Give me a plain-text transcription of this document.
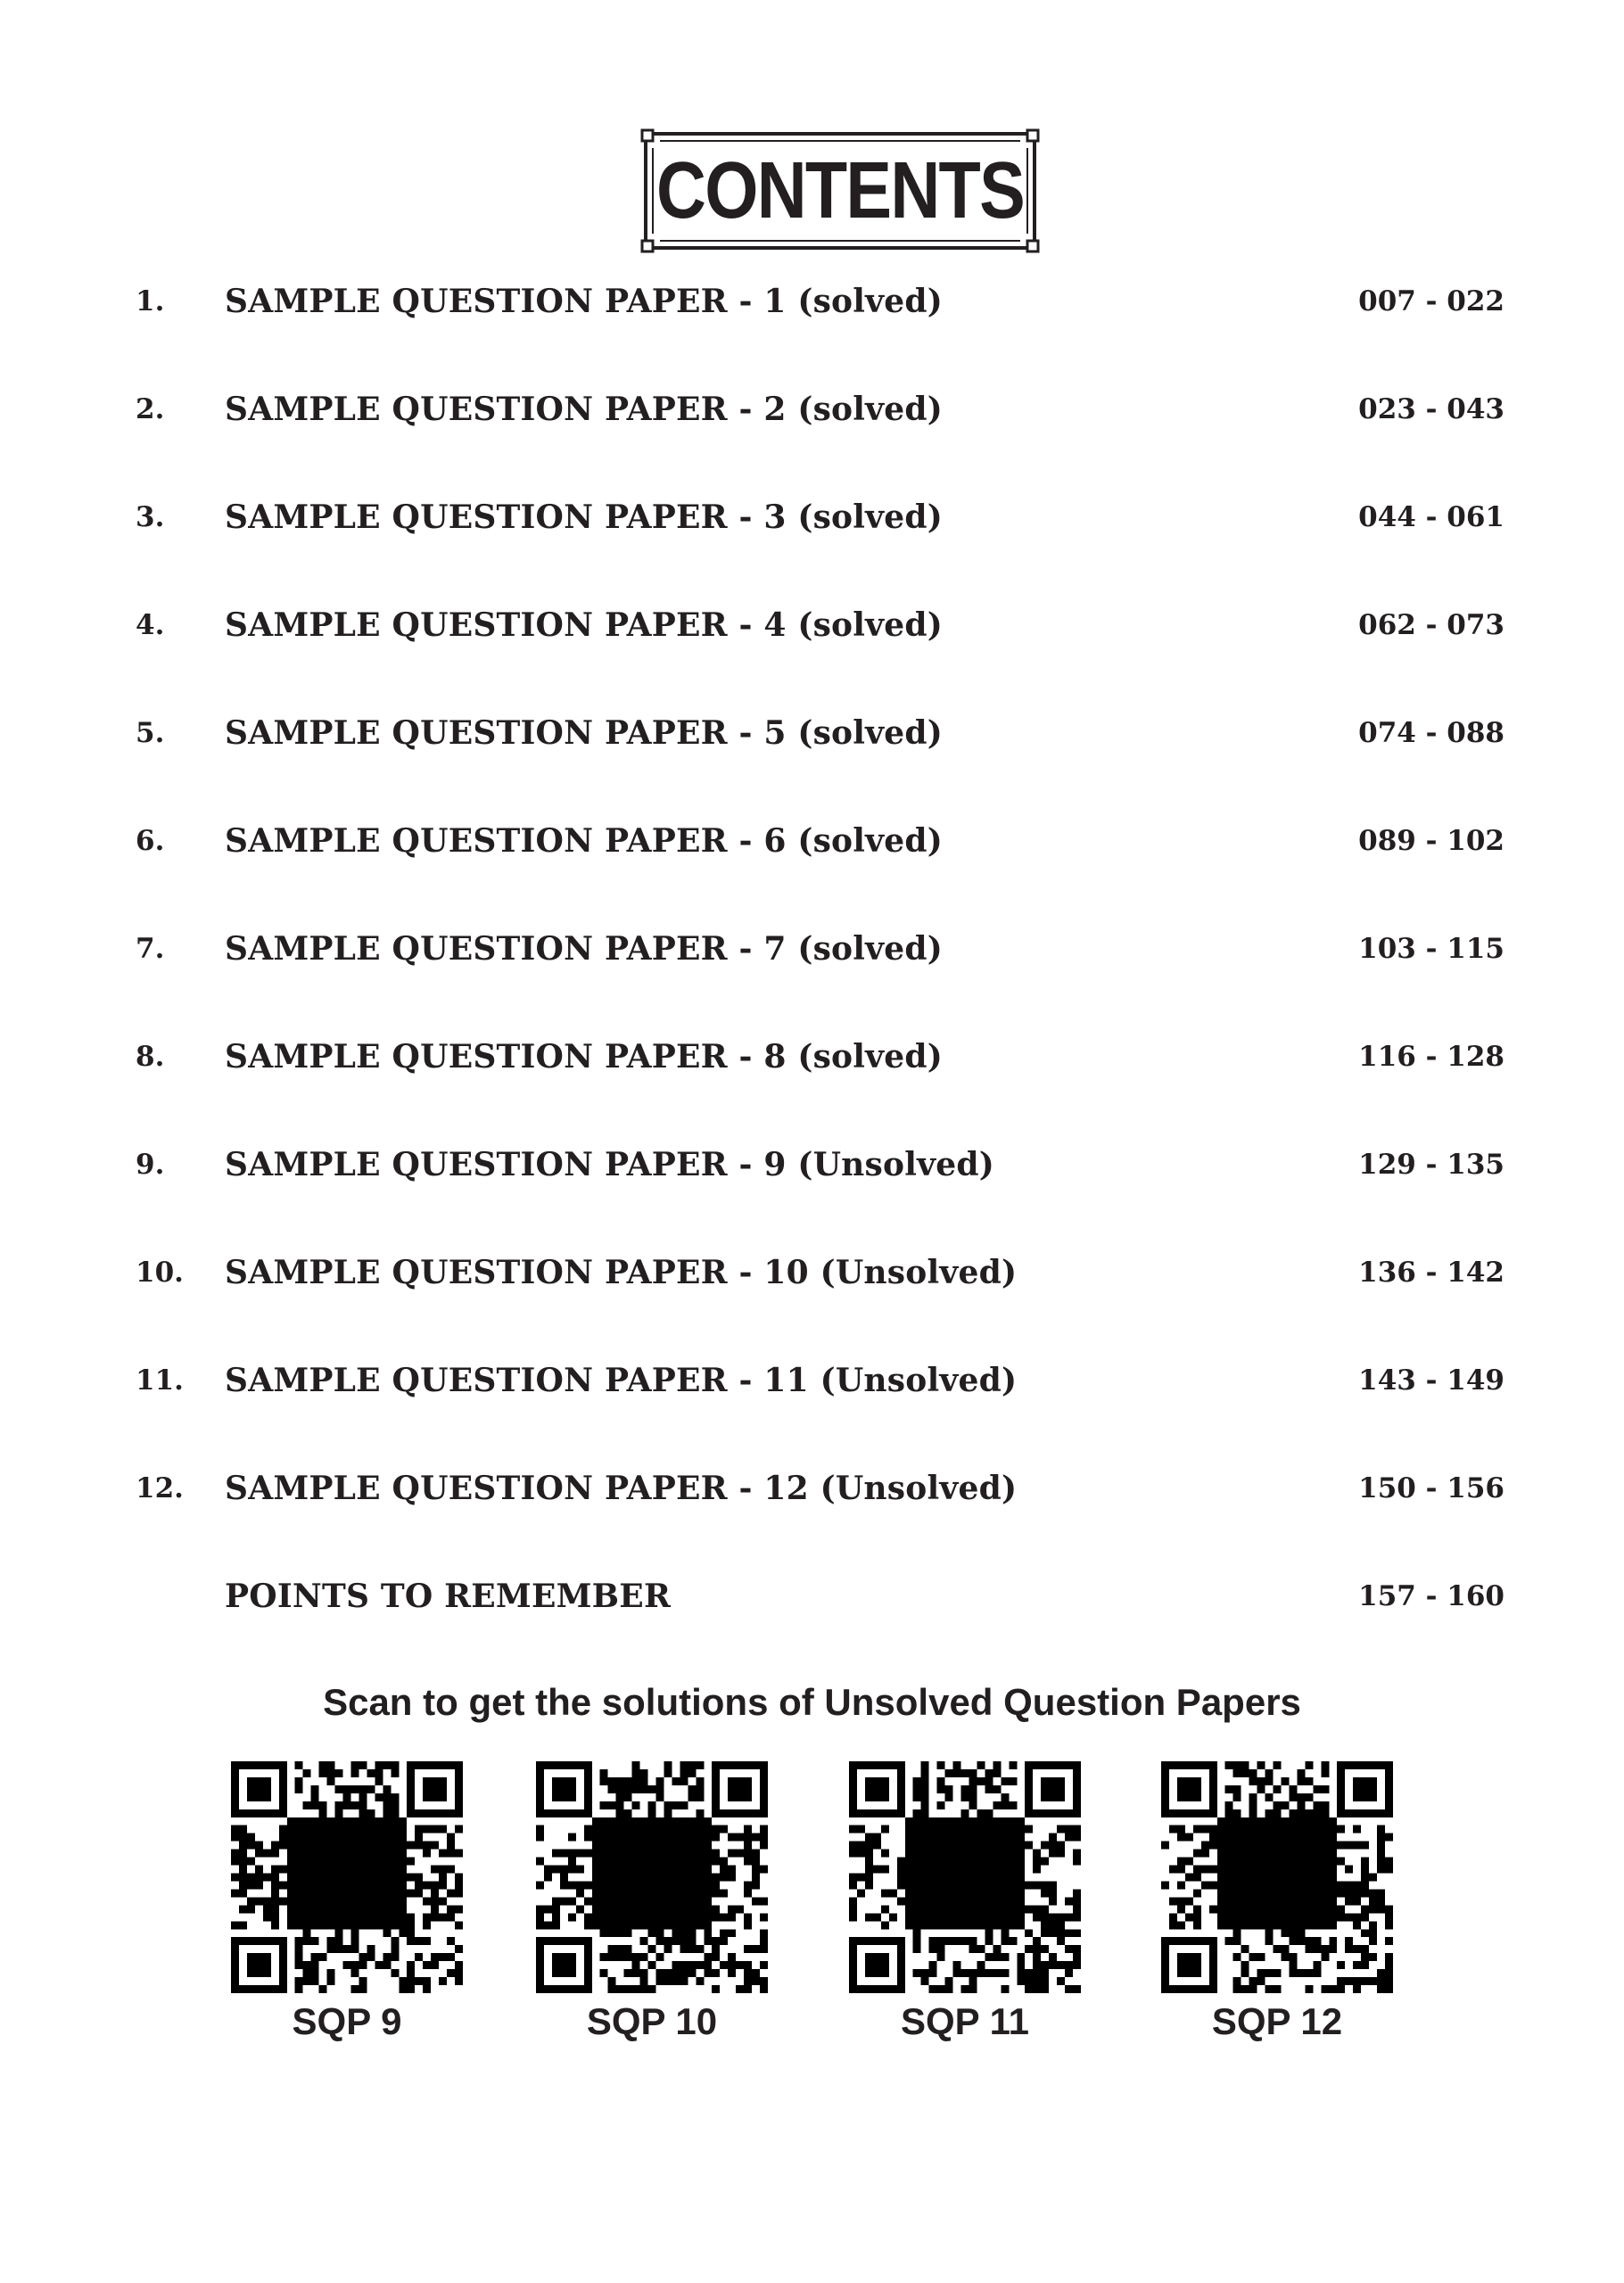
CONTENTS
1. SAMPLE QUESTION PAPER - 1 (solved)	007 - 022
2. SAMPLE QUESTION PAPER - 2 (solved)	023 - 043
3. SAMPLE QUESTION PAPER - 3 (solved)	044 - 061
4. SAMPLE QUESTION PAPER - 4 (solved)	062 - 073
5. SAMPLE QUESTION PAPER - 5 (solved)	074 - 088
6. SAMPLE QUESTION PAPER - 6 (solved)	089 - 102
7. SAMPLE QUESTION PAPER - 7 (solved)	103 - 115
8. SAMPLE QUESTION PAPER - 8 (solved)	116 - 128
9. SAMPLE QUESTION PAPER - 9 (Unsolved)	129 - 135
10. SAMPLE QUESTION PAPER - 10 (Unsolved)	136 - 142
11. SAMPLE QUESTION PAPER - 11 (Unsolved)	143 - 149
12. SAMPLE QUESTION PAPER - 12 (Unsolved)	150 - 156
POINTS TO REMEMBER	157 - 160
Scan to get the solutions of Unsolved Question Papers
SQP 9	SQP 10	SQP 11	SQP 12
